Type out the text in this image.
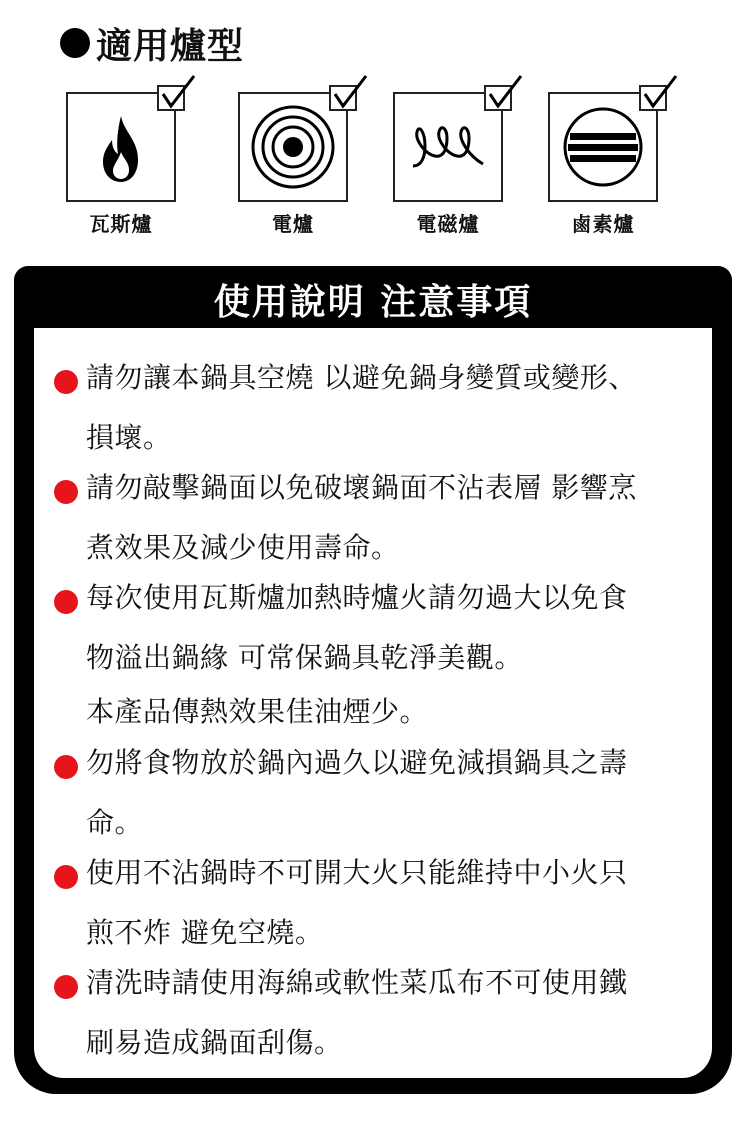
適用爐型
瓦斯爐	電爐	電磁爐	鹵素爐
使用說明 注意事項
請勿讓本鍋具空燒 以避免鍋身變質或變形、
損壞。
請勿敲擊鍋面以免破壞鍋面不沾表層 影響烹
煮效果及減少使用壽命。
每次使用瓦斯爐加熱時爐火請勿過大以免食
物溢出鍋緣 可常保鍋具乾淨美觀。
本產品傳熱效果佳油煙少。
勿將食物放於鍋內過久以避免減損鍋具之壽
命。
使用不沾鍋時不可開大火只能維持中小火只
煎不炸 避免空燒。
清洗時請使用海綿或軟性菜瓜布不可使用鐵
刷易造成鍋面刮傷。
